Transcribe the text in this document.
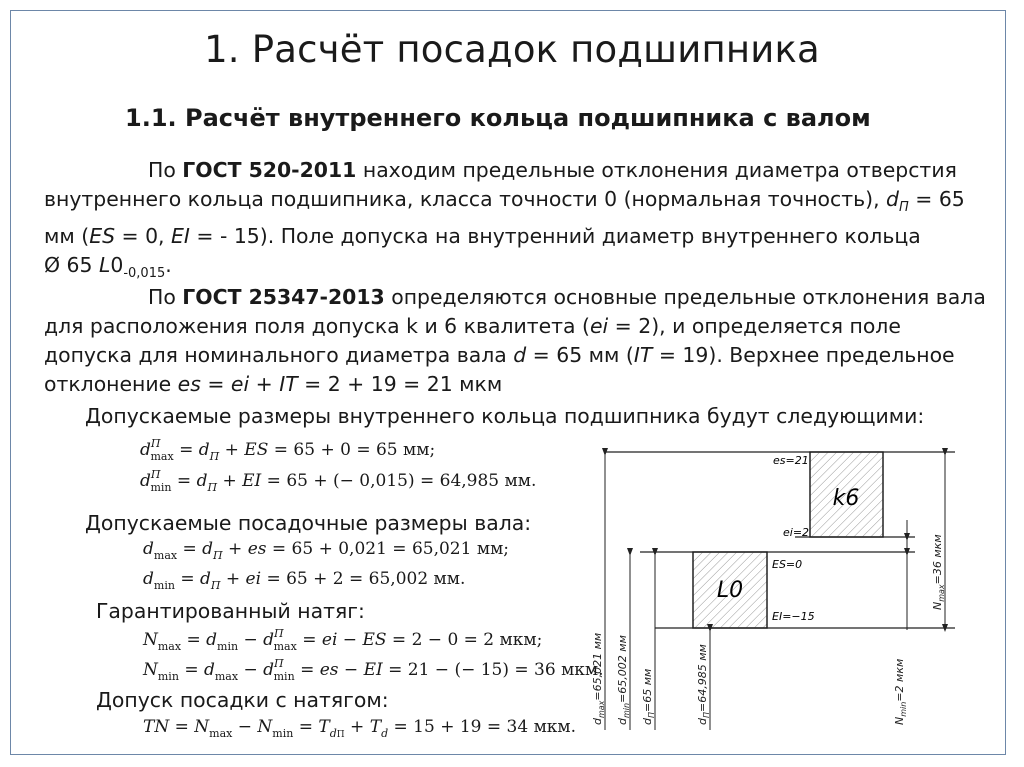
1. Расчёт посадок подшипника
1.1. Расчёт внутреннего кольца подшипника с валом
По ГОСТ 520-2011 находим предельные отклонения диаметра отверстия
внутреннего кольца подшипника, класса точности 0 (нормальная точность), $d_П = 65$
мм (ES = 0, EI = - 15). Поле допуска на внутренний диаметр внутреннего кольца
Ø 65 $L0_{-0,015}$.
По ГОСТ 25347-2013 определяются основные предельные отклонения вала
для расположения поля допуска k и 6 квалитета (ei = 2), и определяется поле
допуска для номинального диаметра вала d = 65 мм (IT = 19). Верхнее предельное
отклонение es = ei + IT = 2 + 19 = 21 мкм
Допускаемые размеры внутреннего кольца подшипника будут следующими:
$d^П_{max} = d_П$ + ES = 65 + 0 = 65 мм;
$d^П_{min} = d_П$ + EI = 65 + (− 0,015) = 64,985 мм.
Допускаемые посадочные размеры вала:
$d_{max} = d_П$ + es = 65 + 0,021 = 65,021 мм;
$d_{min} = d_П$ + ei = 65 + 2 = 65,002 мм.
Гарантированный натяг:
$N_{max} = d_{min} - d^П_{max}$ = ei − ES = 2 − 0 = 2 мкм;
$N_{min} = d_{max} - d^П_{min}$ = es − EI = 21 − (− 15) = 36 мкм.
Допуск посадки с натягом:
TN = $N_{max} - N_{min} = T_{dП} + T_d = 15 + 19 = 34$ мкм.
k6
L0
es=21
ei=2
ES=0
EI=−15
$d_{max}=65,021$ мм
$d_{min}=65,002$ мм
$d_П=65$ мм
$d_П=64,985$ мм
$N_{min}=2$ мкм
$N_{max}=36$ мкм
